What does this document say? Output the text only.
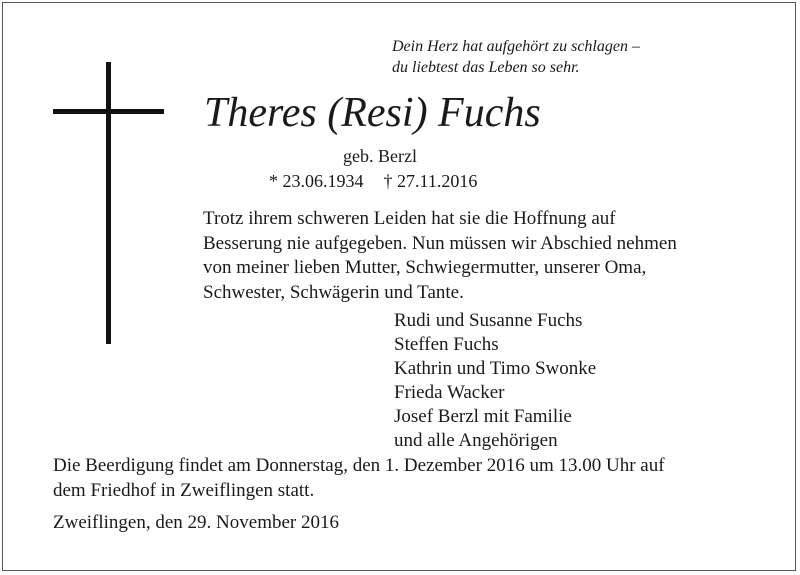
Dein Herz hat aufgehört zu schlagen –
du liebtest das Leben so sehr.
Theres (Resi) Fuchs
geb. Berzl
* 23.06.1934 † 27.11.2016
Trotz ihrem schweren Leiden hat sie die Hoffnung auf
Besserung nie aufgegeben. Nun müssen wir Abschied nehmen
von meiner lieben Mutter, Schwiegermutter, unserer Oma,
Schwester, Schwägerin und Tante.
Rudi und Susanne Fuchs
Steffen Fuchs
Kathrin und Timo Swonke
Frieda Wacker
Josef Berzl mit Familie
und alle Angehörigen
Die Beerdigung findet am Donnerstag, den 1. Dezember 2016 um 13.00 Uhr auf
dem Friedhof in Zweiflingen statt.
Zweiflingen, den 29. November 2016
